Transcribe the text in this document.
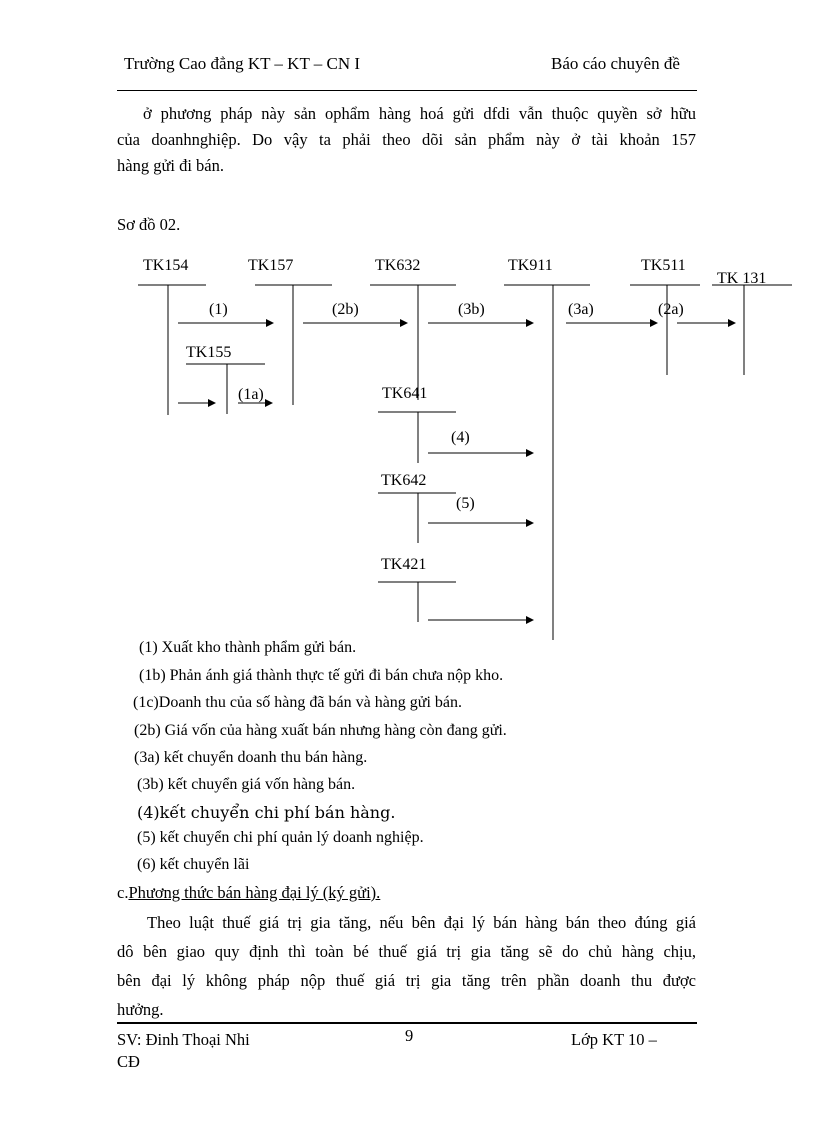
Trường Cao đẳng KT – KT – CN I	Báo cáo chuyên đề
ở phương pháp này sản ophẩm hàng hoá gửi dfdi vẫn thuộc quyền sở hữu
của doanhnghiệp. Do vậy ta phải theo dõi sản phẩm này ở tài khoản 157
hàng gửi đi bán.
Sơ đồ 02.
TK154	TK157	TK632	TK911	TK511
TK 131
TK155
TK641
TK642
TK421
(1)	(2b)	(3b)	(3a)	(2a)
(1a)
(4)
(5)
(1) Xuất kho thành phẩm gửi bán.
(1b) Phản ánh giá thành thực tế gửi đi bán chưa nộp kho.
(1c)Doanh thu của số hàng đã bán và hàng gửi bán.
(2b) Giá vốn của hàng xuất bán nhưng hàng còn đang gửi.
(3a) kết chuyển doanh thu bán hàng.
(3b) kết chuyển giá vốn hàng bán.
(4)kết chuyển chi phí bán hàng.
(5) kết chuyển chi phí quản lý doanh nghiệp.
(6) kết chuyển lãi
c.Phương thức bán hàng đại lý (ký gửi).
Theo luật thuế giá trị gia tăng, nếu bên đại lý bán hàng bán theo đúng giá
dô bên giao quy định thì toàn bé thuế giá trị gia tăng sẽ do chủ hàng chịu,
bên đại lý không pháp nộp thuế giá trị gia tăng trên phần doanh thu được
hưởng.
SV: Đinh Thoại Nhi
CĐ
9	Lớp KT 10 –
